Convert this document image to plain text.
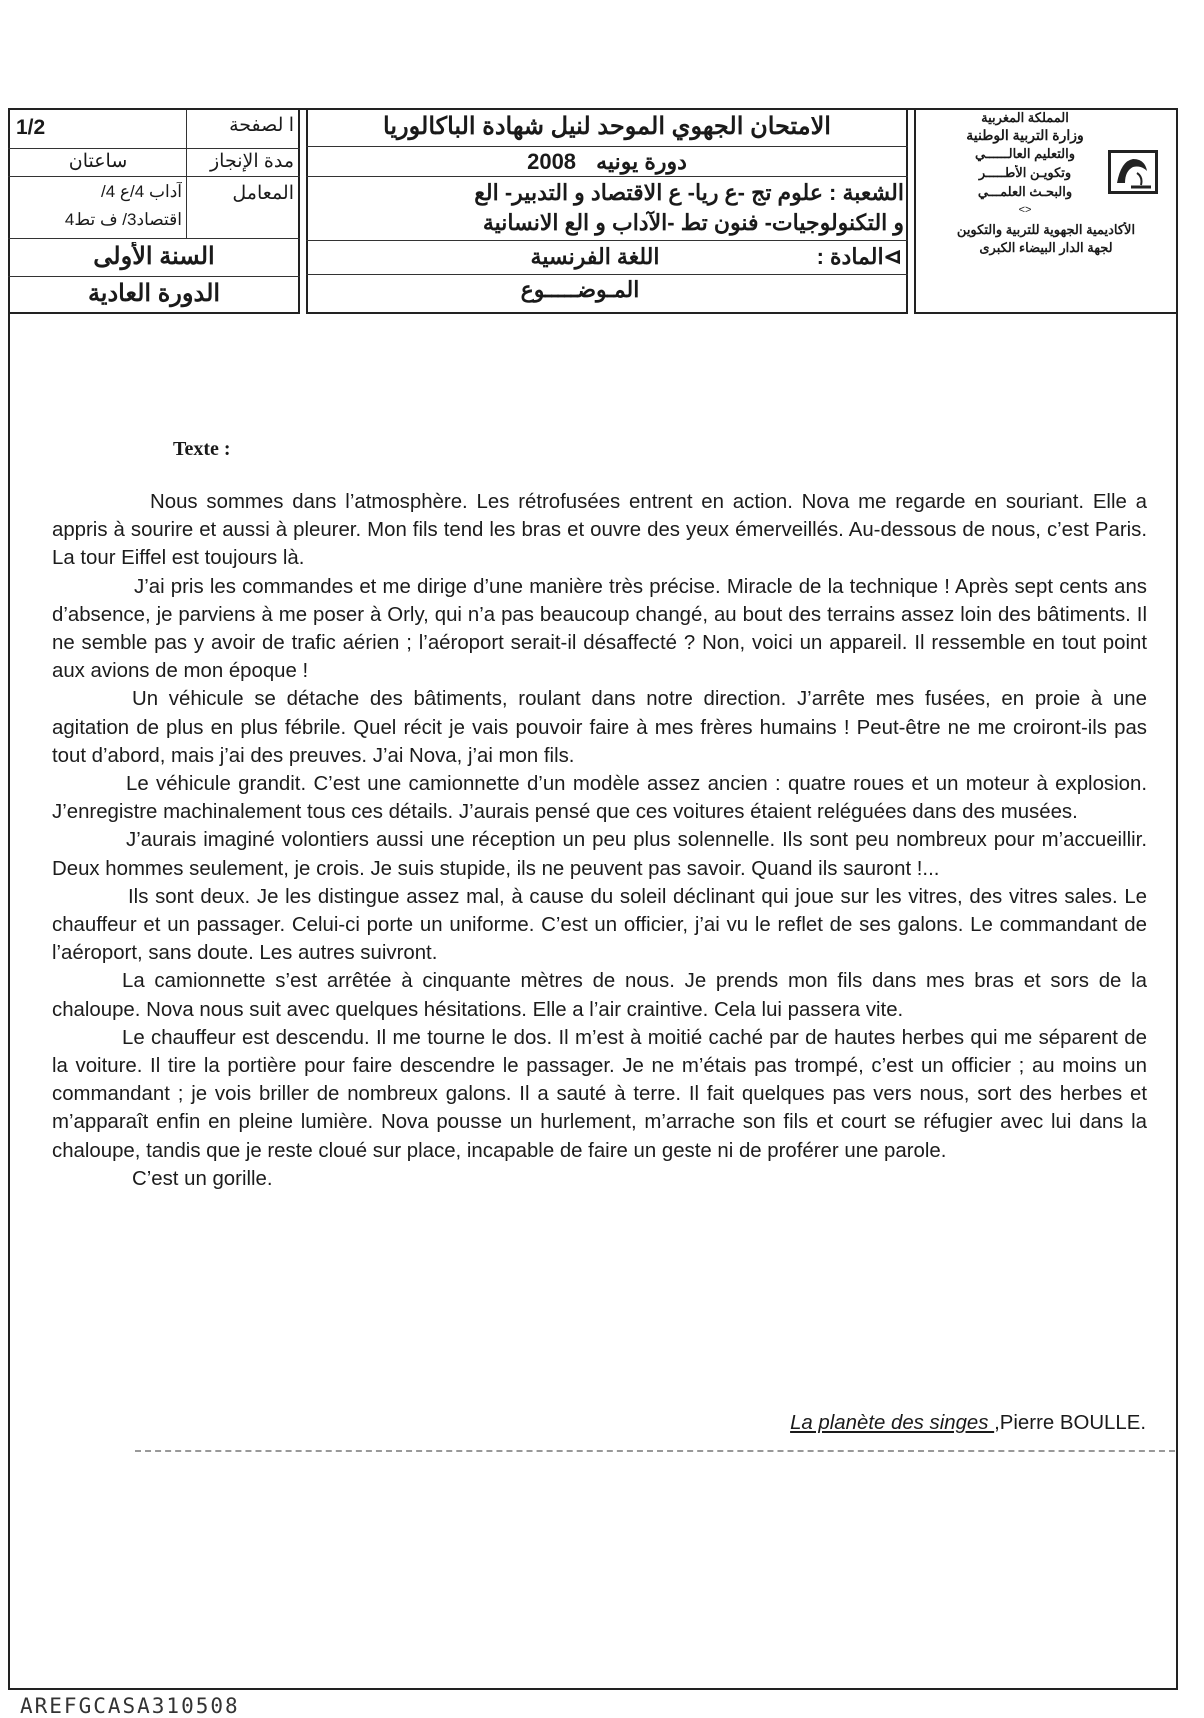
المملكة المغربية
وزارة التربية الوطنية
والتعليم العالــــــي
وتكويـن الأطـــــر
والبحـث العلمـــي
<>
الأكاديمية الجهوية للتربية والتكوين
لجهة الدار البيضاء الكبرى
الامتحان الجهوي الموحد لنيل شهادة الباكالوريا
دورة يونيه 2008
الشعبة : علوم تج -ع ريا- ع الاقتصاد و التدبير- الع
و التكنولوجيات- فنون تط -الآداب و الع الانسانية
⊳المادة :
اللغة الفرنسية
المـوضـــــوع
ا لصفحة
1/2
مدة الإنجاز
ساعتان
المعامل
آداب 4/ع 4/
اقتصاد3/ ف تط4
السنة الأولى
الدورة العادية
Texte :

Nous sommes dans l’atmosphère. Les rétrofusées entrent en action. Nova me regarde en souriant. Elle a appris à sourire et aussi à pleurer. Mon fils tend les bras et ouvre des yeux émerveillés. Au-dessous de nous, c’est Paris. La tour Eiffel est toujours là.

J’ai pris les commandes et me dirige d’une manière très précise. Miracle de la technique ! Après sept cents ans d’absence, je parviens à me poser à Orly, qui n’a pas beaucoup changé, au bout des terrains assez loin des bâtiments. Il ne semble pas y avoir de trafic aérien ; l’aéroport serait-il désaffecté ? Non, voici un appareil. Il ressemble en tout point aux avions de mon époque !

Un véhicule se détache des bâtiments, roulant dans notre direction. J’arrête mes fusées, en proie à une agitation de plus en plus fébrile. Quel récit je vais pouvoir faire à mes frères humains ! Peut-être ne me croiront-ils pas tout d’abord, mais j’ai des preuves. J’ai Nova, j’ai mon fils.

Le véhicule grandit. C’est une camionnette d’un modèle assez ancien : quatre roues et un moteur à explosion. J’enregistre machinalement tous ces détails. J’aurais pensé que ces voitures étaient reléguées dans des musées.

J’aurais imaginé volontiers aussi une réception un peu plus solennelle. Ils sont peu nombreux pour m’accueillir. Deux hommes seulement, je crois. Je suis stupide, ils ne peuvent pas savoir. Quand ils sauront !...

Ils sont deux. Je les distingue assez mal, à cause du soleil déclinant qui joue sur les vitres, des vitres sales. Le chauffeur et un passager. Celui-ci porte un uniforme. C’est un officier, j’ai vu le reflet de ses galons. Le commandant de l’aéroport, sans doute. Les autres suivront.

La camionnette s’est arrêtée à cinquante mètres de nous. Je prends mon fils dans mes bras et sors de la chaloupe. Nova nous suit avec quelques hésitations. Elle a l’air craintive. Cela lui passera vite.

Le chauffeur est descendu. Il me tourne le dos. Il m’est à moitié caché par de hautes herbes qui me séparent de la voiture. Il tire la portière pour faire descendre le passager. Je ne m’étais pas trompé, c’est un officier ; au moins un commandant ; je vois briller de nombreux galons. Il a sauté à terre. Il fait quelques pas vers nous, sort des herbes et m’apparaît enfin en pleine lumière. Nova pousse un hurlement, m’arrache son fils et court se réfugier avec lui dans la chaloupe, tandis que je reste cloué sur place, incapable de faire un geste ni de proférer une parole.

C’est un gorille.

La planète des singes ,Pierre BOULLE.
AREFGCASA310508
